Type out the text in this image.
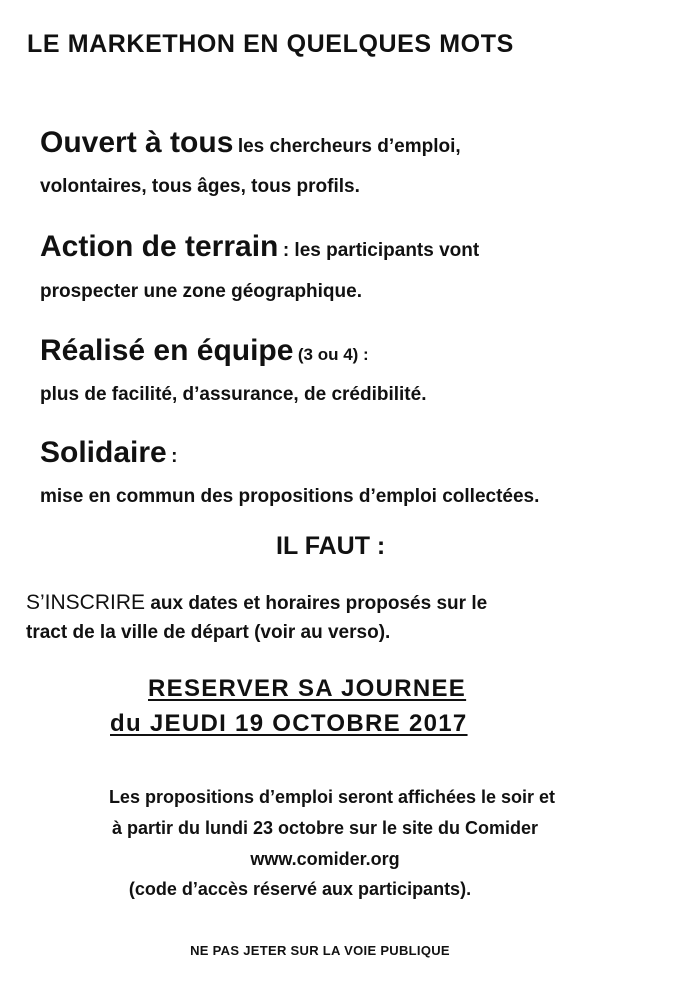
LE MARKETHON EN QUELQUES MOTS
Ouvert à tous les chercheurs d’emploi,
volontaires, tous âges, tous profils.
Action de terrain : les participants vont
prospecter une zone géographique.
Réalisé en équipe (3 ou 4) :
plus de facilité, d’assurance, de crédibilité.
Solidaire :
mise en commun des propositions d’emploi collectées.
IL FAUT :
S’INSCRIRE aux dates et horaires proposés sur le
tract de la ville de départ (voir au verso).
RESERVER SA JOURNEE
du JEUDI 19 OCTOBRE 2017
Les propositions d’emploi seront affichées le soir et
à partir du lundi 23 octobre sur le site du Comider
www.comider.org
(code d’accès réservé aux participants).
NE PAS JETER SUR LA VOIE PUBLIQUE
